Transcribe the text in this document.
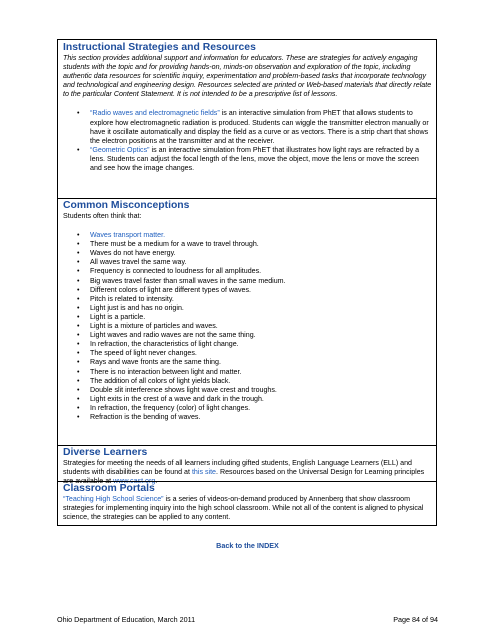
Instructional Strategies and Resources

This section provides additional support and information for educators. These are strategies for actively engaging students with the topic and for providing hands-on, minds-on observation and exploration of the topic, including authentic data resources for scientific inquiry, experimentation and problem-based tasks that incorporate technology and technological and engineering design. Resources selected are printed or Web-based materials that directly relate to the particular Content Statement. It is not intended to be a prescriptive list of lessons.

• “Radio waves and electromagnetic fields” is an interactive simulation from PhET that allows students to explore how electromagnetic radiation is produced. Students can wiggle the transmitter electron manually or have it oscillate automatically and display the field as a curve or as vectors. There is a strip chart that shows the electron positions at the transmitter and at the receiver.
• “Geometric Optics” is an interactive simulation from PhET that illustrates how light rays are refracted by a lens. Students can adjust the focal length of the lens, move the object, move the lens or move the screen and see how the image changes.

Common Misconceptions

Students often think that:

• Waves transport matter.
• There must be a medium for a wave to travel through.
• Waves do not have energy.
• All waves travel the same way.
• Frequency is connected to loudness for all amplitudes.
• Big waves travel faster than small waves in the same medium.
• Different colors of light are different types of waves.
• Pitch is related to intensity.
• Light just is and has no origin.
• Light is a particle.
• Light is a mixture of particles and waves.
• Light waves and radio waves are not the same thing.
• In refraction, the characteristics of light change.
• The speed of light never changes.
• Rays and wave fronts are the same thing.
• There is no interaction between light and matter.
• The addition of all colors of light yields black.
• Double slit interference shows light wave crest and troughs.
• Light exits in the crest of a wave and dark in the trough.
• In refraction, the frequency (color) of light changes.
• Refraction is the bending of waves.

Diverse Learners

Strategies for meeting the needs of all learners including gifted students, English Language Learners (ELL) and students with disabilities can be found at this site. Resources based on the Universal Design for Learning principles are available at www.cast.org.

Classroom Portals

“Teaching High School Science” is a series of videos-on-demand produced by Annenberg that show classroom strategies for implementing inquiry into the high school classroom. While not all of the content is aligned to physical science, the strategies can be applied to any content.

Back to the INDEX
Ohio Department of Education, March 2011	Page 84 of 94
